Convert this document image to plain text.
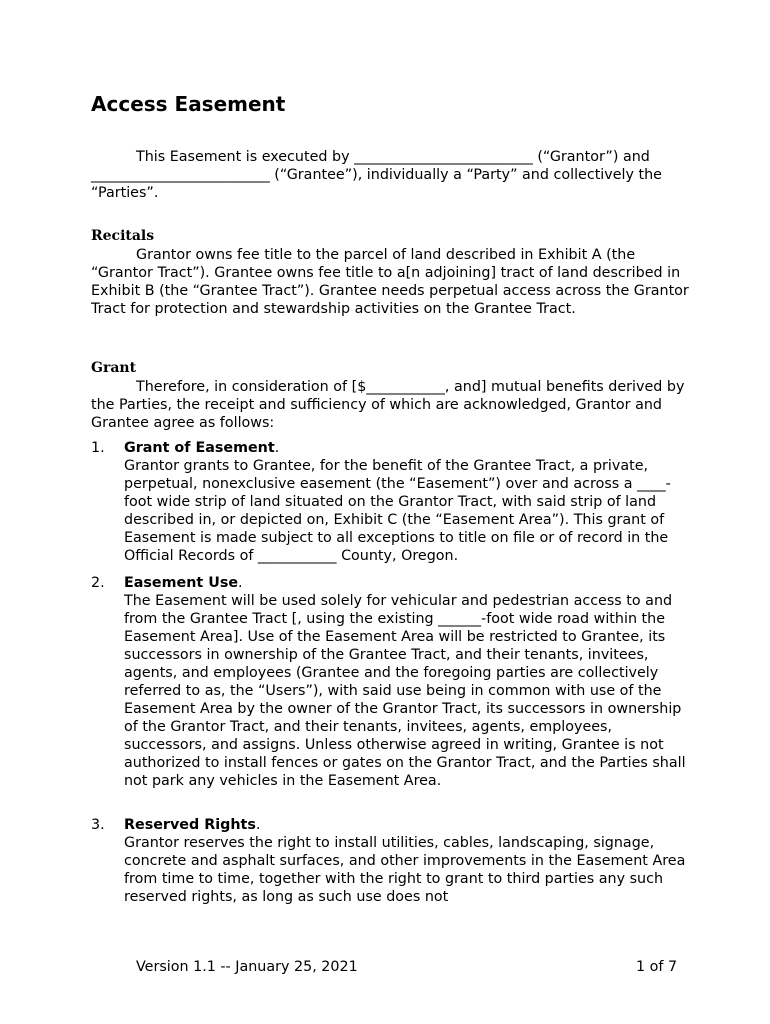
Access Easement

This Easement is executed by _________________________ (“Grantor”) and _________________________ (“Grantee”), individually a “Party” and collectively the “Parties”.

Recitals

Grantor owns fee title to the parcel of land described in Exhibit A (the “Grantor Tract”). Grantee owns fee title to a[n adjoining] tract of land described in Exhibit B (the “Grantee Tract”). Grantee needs perpetual access across the Grantor Tract for protection and stewardship activities on the Grantee Tract.

Grant

Therefore, in consideration of [$___________, and] mutual benefits derived by the Parties, the receipt and sufficiency of which are acknowledged, Grantor and Grantee agree as follows:

1. Grant of Easement.
Grantor grants to Grantee, for the benefit of the Grantee Tract, a private, perpetual, nonexclusive easement (the “Easement”) over and across a ____- foot wide strip of land situated on the Grantor Tract, with said strip of land described in, or depicted on, Exhibit C (the “Easement Area”). This grant of Easement is made subject to all exceptions to title on file or of record in the Official Records of ___________ County, Oregon.
2. Easement Use.
The Easement will be used solely for vehicular and pedestrian access to and from the Grantee Tract [, using the existing ______-foot wide road within the Easement Area]. Use of the Easement Area will be restricted to Grantee, its successors in ownership of the Grantee Tract, and their tenants, invitees, agents, and employees (Grantee and the foregoing parties are collectively referred to as, the “Users”), with said use being in common with use of the Easement Area by the owner of the Grantor Tract, its successors in ownership of the Grantor Tract, and their tenants, invitees, agents, employees, successors, and assigns. Unless otherwise agreed in writing, Grantee is not authorized to install fences or gates on the Grantor Tract, and the Parties shall not park any vehicles in the Easement Area.
3. Reserved Rights.
Grantor reserves the right to install utilities, cables, landscaping, signage, concrete and asphalt surfaces, and other improvements in the Easement Area from time to time, together with the right to grant to third parties any such reserved rights, as long as such use does not
Version 1.1 -- January 25, 2021	1 of 7
